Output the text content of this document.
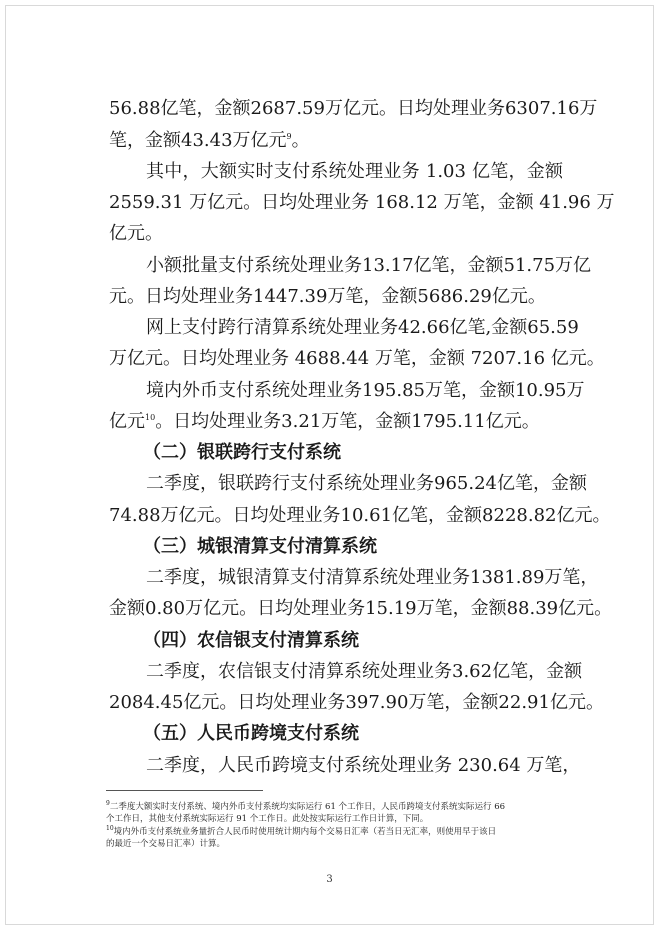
56.88亿笔，金额2687.59万亿元。日均处理业务6307.16万
笔，金额43.43万亿元$^9$。
其中，大额实时支付系统处理业务 1.03 亿笔，金额
2559.31 万亿元。日均处理业务 168.12 万笔，金额 41.96 万
亿元。
小额批量支付系统处理业务13.17亿笔，金额51.75万亿
元。日均处理业务1447.39万笔，金额5686.29亿元。
网上支付跨行清算系统处理业务42.66亿笔,金额65.59
万亿元。日均处理业务 4688.44 万笔，金额 7207.16 亿元。
境内外币支付系统处理业务195.85万笔，金额10.95万
亿元$^{10}$。日均处理业务3.21万笔，金额1795.11亿元。
（二）银联跨行支付系统
二季度，银联跨行支付系统处理业务965.24亿笔，金额
74.88万亿元。日均处理业务10.61亿笔，金额8228.82亿元。
（三）城银清算支付清算系统
二季度，城银清算支付清算系统处理业务1381.89万笔，
金额0.80万亿元。日均处理业务15.19万笔，金额88.39亿元。
（四）农信银支付清算系统
二季度，农信银支付清算系统处理业务3.62亿笔，金额
2084.45亿元。日均处理业务397.90万笔，金额22.91亿元。
（五）人民币跨境支付系统
二季度，人民币跨境支付系统处理业务 230.64 万笔，
$^9$二季度大额实时支付系统、境内外币支付系统均实际运行 61 个工作日，人民币跨境支付系统实际运行 66
个工作日，其他支付系统实际运行 91 个工作日。此处按实际运行工作日计算，下同。
$^{10}$境内外币支付系统业务量折合人民币时使用统计期内每个交易日汇率（若当日无汇率，则使用早于该日
的最近一个交易日汇率）计算。
3
